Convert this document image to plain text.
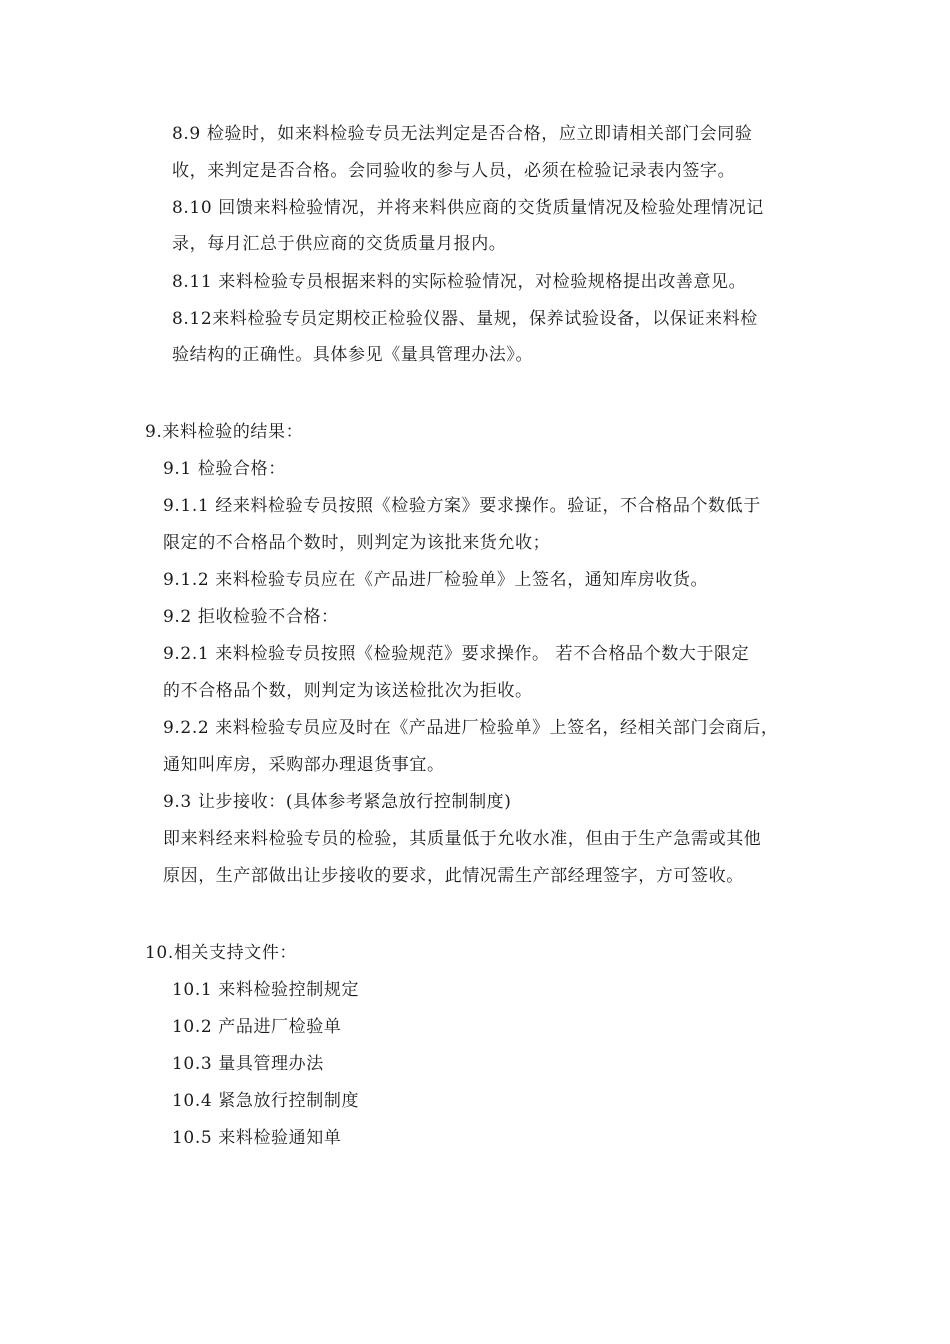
8.9 检验时，如来料检验专员无法判定是否合格，应立即请相关部门会同验
收，来判定是否合格。会同验收的参与人员，必须在检验记录表内签字。
8.10 回馈来料检验情况，并将来料供应商的交货质量情况及检验处理情况记
录，每月汇总于供应商的交货质量月报内。
8.11 来料检验专员根据来料的实际检验情况，对检验规格提出改善意见。
8.12来料检验专员定期校正检验仪器、量规，保养试验设备，以保证来料检
验结构的正确性。具体参见《量具管理办法》。
9.来料检验的结果：
9.1 检验合格：
9.1.1 经来料检验专员按照《检验方案》要求操作。验证，不合格品个数低于
限定的不合格品个数时，则判定为该批来货允收；
9.1.2 来料检验专员应在《产品进厂检验单》上签名，通知库房收货。
9.2 拒收检验不合格：
9.2.1 来料检验专员按照《检验规范》要求操作。 若不合格品个数大于限定
的不合格品个数，则判定为该送检批次为拒收。
9.2.2 来料检验专员应及时在《产品进厂检验单》上签名，经相关部门会商后，
通知叫库房，采购部办理退货事宜。
9.3 让步接收：(具体参考紧急放行控制制度)
即来料经来料检验专员的检验，其质量低于允收水准，但由于生产急需或其他
原因，生产部做出让步接收的要求，此情况需生产部经理签字，方可签收。
10.相关支持文件：
10.1 来料检验控制规定
10.2 产品进厂检验单
10.3 量具管理办法
10.4 紧急放行控制制度
10.5 来料检验通知单
